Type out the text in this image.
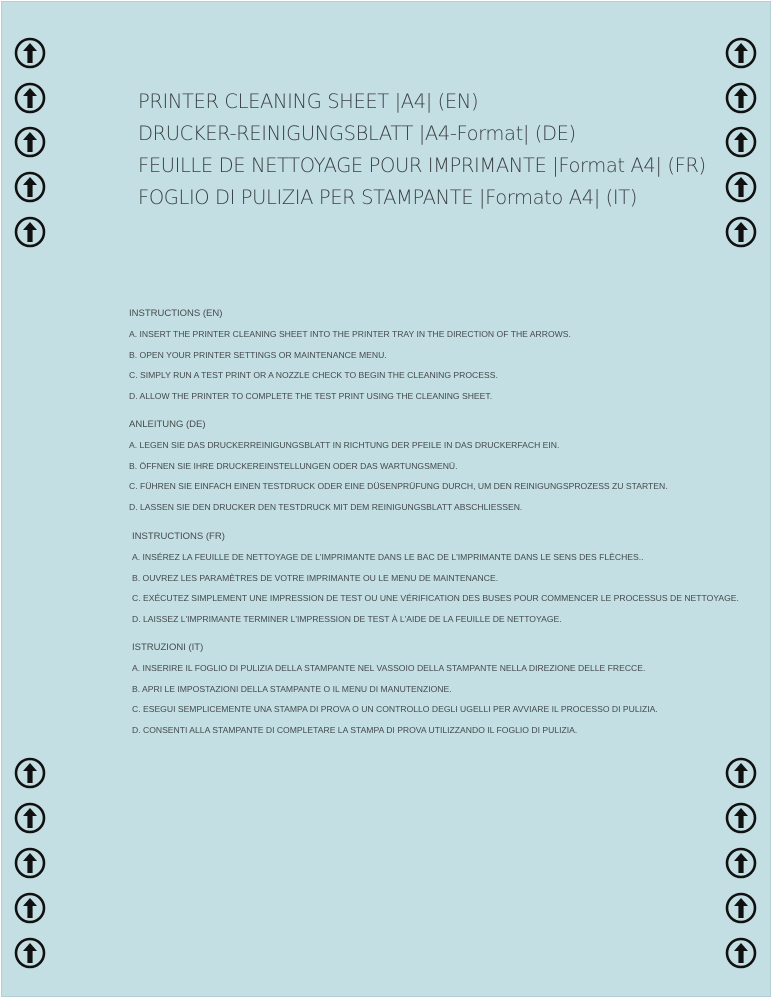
PRINTER CLEANING SHEET |A4| (EN)
DRUCKER-REINIGUNGSBLATT |A4-Format| (DE)
FEUILLE DE NETTOYAGE POUR IMPRIMANTE |Format A4| (FR)
FOGLIO DI PULIZIA PER STAMPANTE |Formato A4| (IT)
INSTRUCTIONS (EN)
A. INSERT THE PRINTER CLEANING SHEET INTO THE PRINTER TRAY IN THE DIRECTION OF THE ARROWS.
B. OPEN YOUR PRINTER SETTINGS OR MAINTENANCE MENU.
C. SIMPLY RUN A TEST PRINT OR A NOZZLE CHECK TO BEGIN THE CLEANING PROCESS.
D. ALLOW THE PRINTER TO COMPLETE THE TEST PRINT USING THE CLEANING SHEET.
ANLEITUNG (DE)
A. LEGEN SIE DAS DRUCKERREINIGUNGSBLATT IN RICHTUNG DER PFEILE IN DAS DRUCKERFACH EIN.
B. ÖFFNEN SIE IHRE DRUCKEREINSTELLUNGEN ODER DAS WARTUNGSMENÜ.
C. FÜHREN SIE EINFACH EINEN TESTDRUCK ODER EINE DÜSENPRÜFUNG DURCH, UM DEN REINIGUNGSPROZESS ZU STARTEN.
D. LASSEN SIE DEN DRUCKER DEN TESTDRUCK MIT DEM REINIGUNGSBLATT ABSCHLIESSEN.
INSTRUCTIONS (FR)
A. INSÉREZ LA FEUILLE DE NETTOYAGE DE L'IMPRIMANTE DANS LE BAC DE L'IMPRIMANTE DANS LE SENS DES FLÈCHES..
B. OUVREZ LES PARAMÈTRES DE VOTRE IMPRIMANTE OU LE MENU DE MAINTENANCE.
C. EXÉCUTEZ SIMPLEMENT UNE IMPRESSION DE TEST OU UNE VÉRIFICATION DES BUSES POUR COMMENCER LE PROCESSUS DE NETTOYAGE.
D. LAISSEZ L'IMPRIMANTE TERMINER L'IMPRESSION DE TEST À L'AIDE DE LA FEUILLE DE NETTOYAGE.
ISTRUZIONI (IT)
A. INSERIRE IL FOGLIO DI PULIZIA DELLA STAMPANTE NEL VASSOIO DELLA STAMPANTE NELLA DIREZIONE DELLE FRECCE.
B. APRI LE IMPOSTAZIONI DELLA STAMPANTE O IL MENU DI MANUTENZIONE.
C. ESEGUI SEMPLICEMENTE UNA STAMPA DI PROVA O UN CONTROLLO DEGLI UGELLI PER AVVIARE IL PROCESSO DI PULIZIA.
D. CONSENTI ALLA STAMPANTE DI COMPLETARE LA STAMPA DI PROVA UTILIZZANDO IL FOGLIO DI PULIZIA.
